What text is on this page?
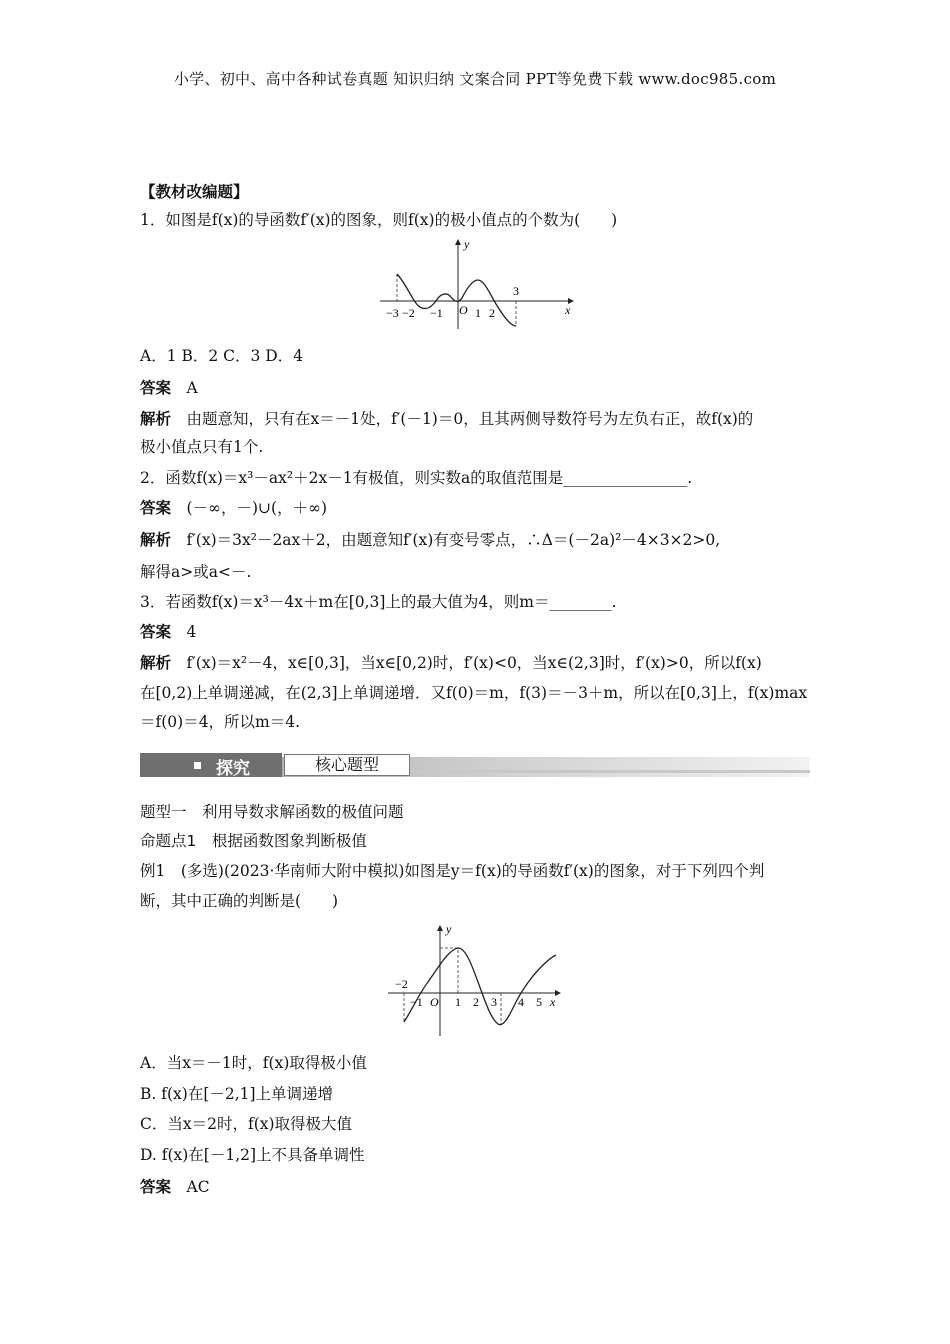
小学、初中、高中各种试卷真题 知识归纳 文案合同 PPT等免费下载 www.doc985.com
【教材改编题】
1．如图是f(x)的导函数f′(x)的图象，则f(x)的极小值点的个数为(　　)
y
x
−3 −2 −1 O 1 2
3
A．1 B．2 C．3 D．4
答案　 A
解析　 由题意知，只有在x＝－1处，f′(－1)＝0，且其两侧导数符号为左负右正，故f(x)的
极小值点只有1个.
2．函数f(x)＝x³－ax²＋2x－1有极值，则实数a的取值范围是________________.
答案　 (－∞，－)∪(，＋∞)
解析　 f′(x)＝3x²－2ax＋2，由题意知f′(x)有变号零点，∴Δ＝(－2a)²－4×3×2>0,
解得a>或a<－.
3．若函数f(x)＝x³－4x＋m在[0,3]上的最大值为4，则m＝________.
答案　 4
解析　 f′(x)＝x²－4，x∈[0,3]，当x∈[0,2)时，f′(x)<0，当x∈(2,3]时，f′(x)>0，所以f(x)
在[0,2)上单调递减，在(2,3]上单调递增．又f(0)＝m，f(3)＝－3＋m，所以在[0,3]上，f(x)max
＝f(0)＝4，所以m＝4.
探究	核心题型
题型一　利用导数求解函数的极值问题
命题点1　根据函数图象判断极值
例1　(多选)(2023·华南师大附中模拟)如图是y＝f(x)的导函数f′(x)的图象，对于下列四个判
断，其中正确的判断是(　　)
y
x
−2
−1 O 1 2 3 4 5
A．当x＝－1时，f(x)取得极小值
B. f(x)在[－2,1]上单调递增
C．当x＝2时，f(x)取得极大值
D. f(x)在[－1,2]上不具备单调性
答案　 AC
